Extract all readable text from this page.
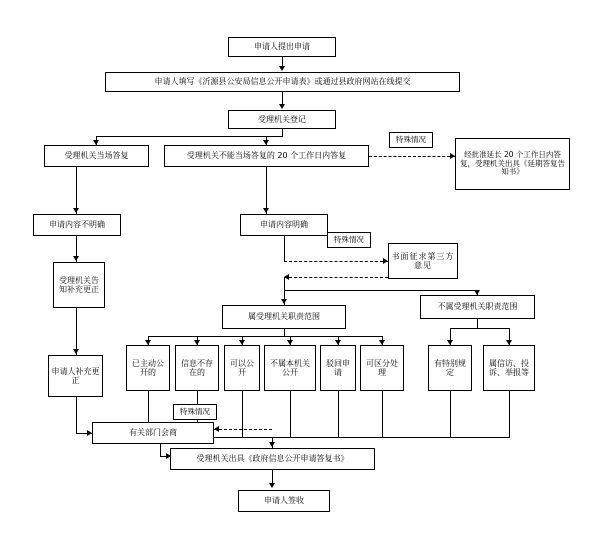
申请人提出申请
申请人填写《沂源县公安局信息公开申请表》或通过县政府网站在线提交
受理机关登记
受理机关当场答复	受理机关不能当场答复的 20 个工作日内答复	经批准延长 20 个工作日内答复，受理机关出具《延期答复告知书》
申请内容不明确	申请内容明确
书面征求第三方意见
受理机关告知补充更正
属受理机关职责范围
不属受理机关职责范围
申请人补充更正
已主动公开的
信息不存在的
可以公开
不属本机关公开
驳回申请
可区分处理
有特别规定
属信访、投诉、举报等
有关部门会商
受理机关出具《政府信息公开申请答复书》
申请人签收
特殊情况
特殊情况
特殊情况
